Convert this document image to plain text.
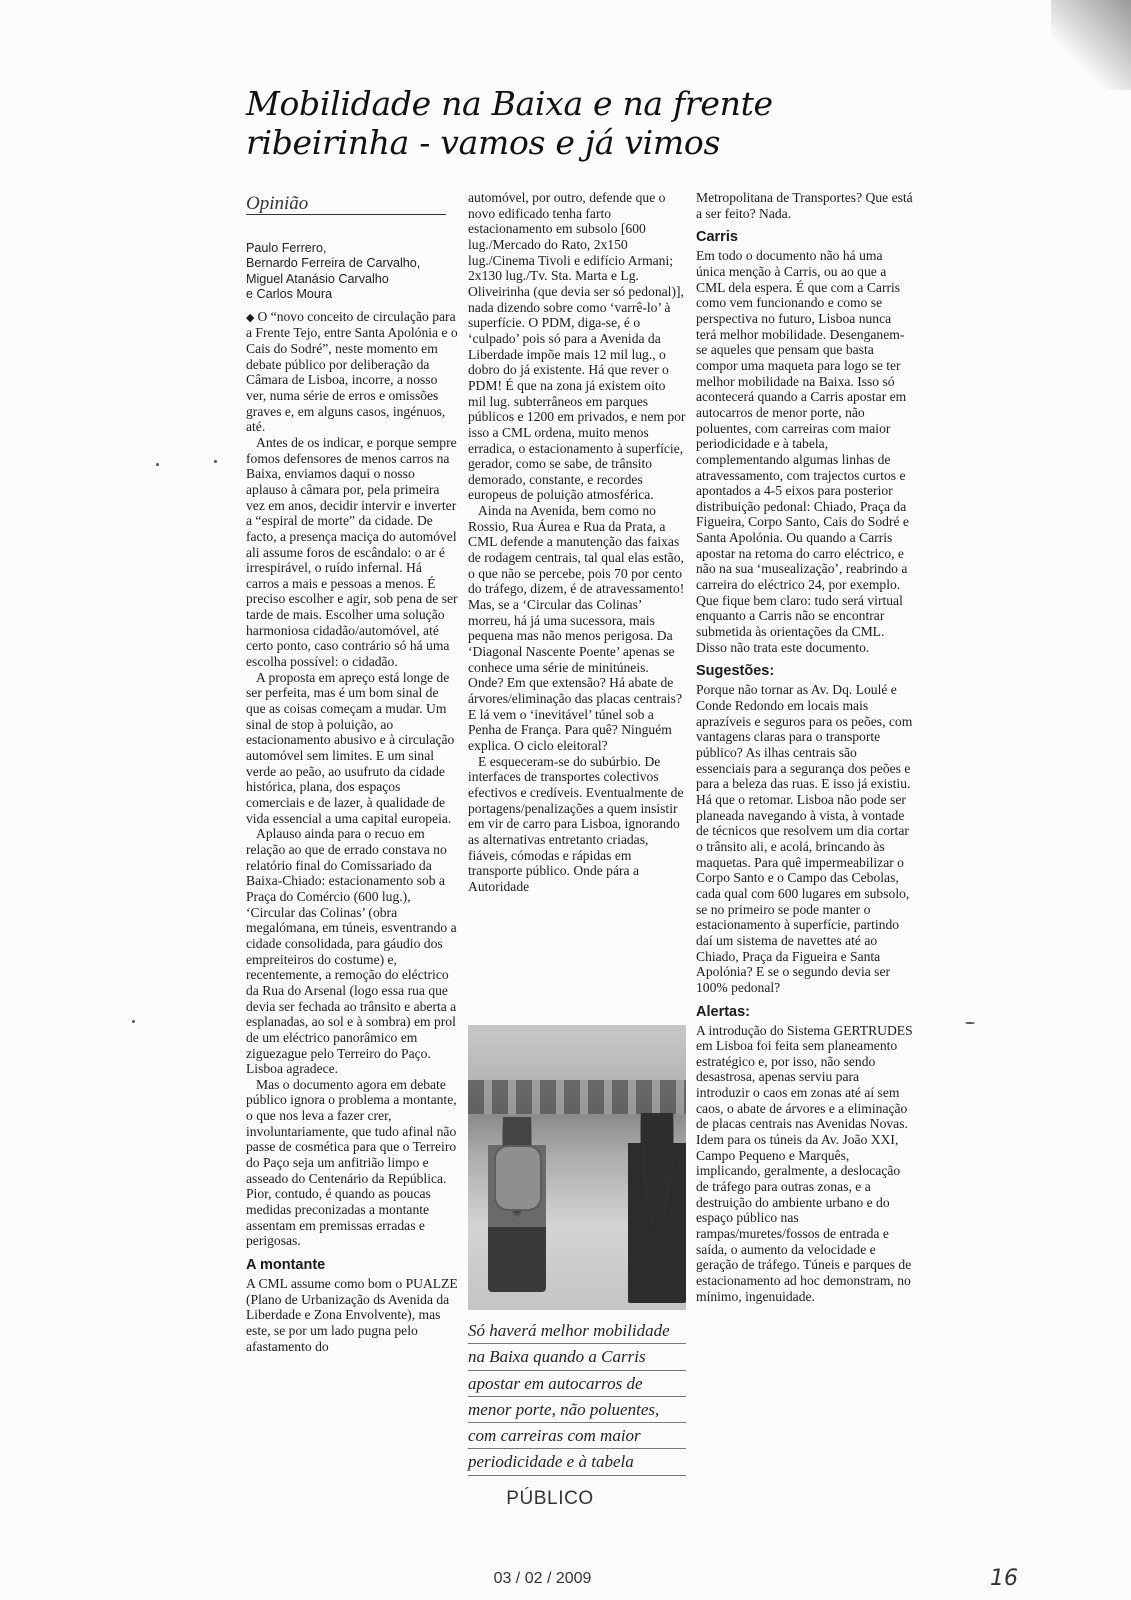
Mobilidade na Baixa e na frente ribeirinha - vamos e já vimos
Opinião
Paulo Ferrero,
Bernardo Ferreira de Carvalho,
Miguel Atanásio Carvalho
e Carlos Moura

◆ O “novo conceito de circulação para a Frente Tejo, entre Santa Apolónia e o Cais do Sodré”, neste momento em debate público por deliberação da Câmara de Lisboa, incorre, a nosso ver, numa série de erros e omissões graves e, em alguns casos, ingénuos, até.

Antes de os indicar, e porque sempre fomos defensores de menos carros na Baixa, enviamos daqui o nosso aplauso à câmara por, pela primeira vez em anos, decidir intervir e inverter a “espiral de morte” da cidade. De facto, a presença maciça do automóvel ali assume foros de escândalo: o ar é irrespirável, o ruído infernal. Há carros a mais e pessoas a menos. É preciso escolher e agir, sob pena de ser tarde de mais. Escolher uma solução harmoniosa cidadão/automóvel, até certo ponto, caso contrário só há uma escolha possível: o cidadão.

A proposta em apreço está longe de ser perfeita, mas é um bom sinal de que as coisas começam a mudar. Um sinal de stop à poluição, ao estacionamento abusivo e à circulação automóvel sem limites. E um sinal verde ao peão, ao usufruto da cidade histórica, plana, dos espaços comerciais e de lazer, à qualidade de vida essencial a uma capital europeia.

Aplauso ainda para o recuo em relação ao que de errado constava no relatório final do Comissariado da Baixa-Chiado: estacionamento sob a Praça do Comércio (600 lug.), ‘Circular das Colinas’ (obra megalómana, em túneis, esventrando a cidade consolidada, para gáudio dos empreiteiros do costume) e, recentemente, a remoção do eléctrico da Rua do Arsenal (logo essa rua que devia ser fechada ao trânsito e aberta a esplanadas, ao sol e à sombra) em prol de um eléctrico panorâmico em ziguezague pelo Terreiro do Paço. Lisboa agradece.

Mas o documento agora em debate público ignora o problema a montante, o que nos leva a fazer crer, involuntariamente, que tudo afinal não passe de cosmética para que o Terreiro do Paço seja um anfitrião limpo e asseado do Centenário da República. Pior, contudo, é quando as poucas medidas preconizadas a montante assentam em premissas erradas e perigosas.

A montante

A CML assume como bom o PUALZE (Plano de Urbanização ds Avenida da Liberdade e Zona Envolvente), mas este, se por um lado pugna pelo afastamento do

automóvel, por outro, defende que o novo edificado tenha farto estacionamento em subsolo [600 lug./Mercado do Rato, 2x150 lug./Cinema Tivoli e edifício Armani; 2x130 lug./Tv. Sta. Marta e Lg. Oliveirinha (que devia ser só pedonal)], nada dizendo sobre como ‘varrê-lo’ à superfície. O PDM, diga-se, é o ‘culpado’ pois só para a Avenida da Liberdade impõe mais 12 mil lug., o dobro do já existente. Há que rever o PDM! É que na zona já existem oito mil lug. subterrâneos em parques públicos e 1200 em privados, e nem por isso a CML ordena, muito menos erradica, o estacionamento à superfície, gerador, como se sabe, de trânsito demorado, constante, e recordes europeus de poluição atmosférica.

Ainda na Avenida, bem como no Rossio, Rua Áurea e Rua da Prata, a CML defende a manutenção das faixas de rodagem centrais, tal qual elas estão, o que não se percebe, pois 70 por cento do tráfego, dizem, é de atravessamento! Mas, se a ‘Circular das Colinas’ morreu, há já uma sucessora, mais pequena mas não menos perigosa. Da ‘Diagonal Nascente Poente’ apenas se conhece uma série de minitúneis. Onde? Em que extensão? Há abate de árvores/eliminação das placas centrais? E lá vem o ‘inevitável’ túnel sob a Penha de França. Para quê? Ninguém explica. O ciclo eleitoral?

E esqueceram-se do subúrbio. De interfaces de transportes colectivos efectivos e credíveis. Eventualmente de portagens/penalizações a quem insistir em vir de carro para Lisboa, ignorando as alternativas entretanto criadas, fiáveis, cómodas e rápidas em transporte público. Onde pára a Autoridade

Só haverá melhor mobilidade
na Baixa quando a Carris
apostar em autocarros de
menor porte, não poluentes,
com carreiras com maior
periodicidade e à tabela

Metropolitana de Transportes? Que está a ser feito? Nada.

Carris

Em todo o documento não há uma única menção à Carris, ou ao que a CML dela espera. É que com a Carris como vem funcionando e como se perspectiva no futuro, Lisboa nunca terá melhor mobilidade. Desenganem-se aqueles que pensam que basta compor uma maqueta para logo se ter melhor mobilidade na Baixa. Isso só acontecerá quando a Carris apostar em autocarros de menor porte, não poluentes, com carreiras com maior periodicidade e à tabela, complementando algumas linhas de atravessamento, com trajectos curtos e apontados a 4-5 eixos para posterior distribuição pedonal: Chiado, Praça da Figueira, Corpo Santo, Cais do Sodré e Santa Apolónia. Ou quando a Carris apostar na retoma do carro eléctrico, e não na sua ‘musealização’, reabrindo a carreira do eléctrico 24, por exemplo. Que fique bem claro: tudo será virtual enquanto a Carris não se encontrar submetida às orientações da CML. Disso não trata este documento.

Sugestões:

Porque não tornar as Av. Dq. Loulé e Conde Redondo em locais mais aprazíveis e seguros para os peões, com vantagens claras para o transporte público? As ilhas centrais são essenciais para a segurança dos peões e para a beleza das ruas. E isso já existiu. Há que o retomar. Lisboa não pode ser planeada navegando à vista, à vontade de técnicos que resolvem um dia cortar o trânsito ali, e acolá, brincando às maquetas. Para quê impermeabilizar o Corpo Santo e o Campo das Cebolas, cada qual com 600 lugares em subsolo, se no primeiro se pode manter o estacionamento à superfície, partindo daí um sistema de navettes até ao Chiado, Praça da Figueira e Santa Apolónia? E se o segundo devia ser 100% pedonal?

Alertas:

A introdução do Sistema GERTRUDES em Lisboa foi feita sem planeamento estratégico e, por isso, não sendo desastrosa, apenas serviu para introduzir o caos em zonas até aí sem caos, o abate de árvores e a eliminação de placas centrais nas Avenidas Novas. Idem para os túneis da Av. João XXI, Campo Pequeno e Marquês, implicando, geralmente, a deslocação de tráfego para outras zonas, e a destruição do ambiente urbano e do espaço público nas rampas/muretes/fossos de entrada e saída, o aumento da velocidade e geração de tráfego. Túneis e parques de estacionamento ad hoc demonstram, no mínimo, ingenuidade.

PÚBLICO
03 / 02 / 2009	16
